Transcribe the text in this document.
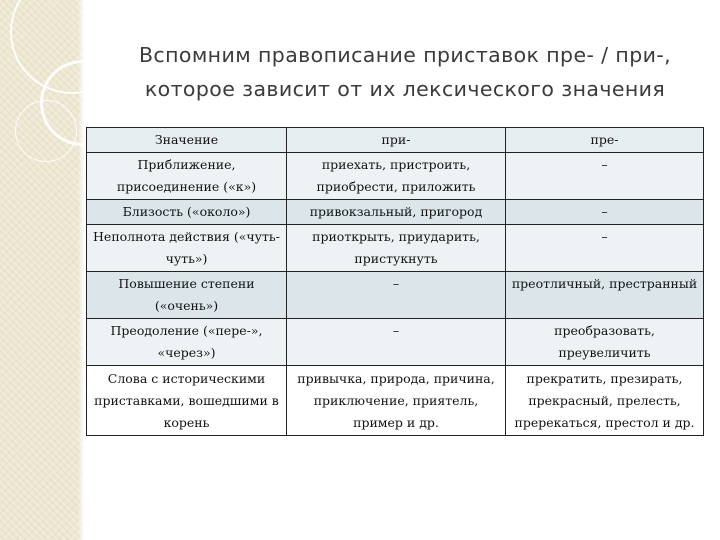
Вспомним правописание приставок пре- / при-,
которое зависит от их лексического значения
Значение	при-	пре-
Приближение, присоединение («к»)	приехать, пристроить, приобрести, приложить	–
Близость («около»)	привокзальный, пригород	–
Неполнота действия («чуть-чуть»)	приоткрыть, приударить, пристукнуть	–
Повышение степени («очень»)	–	преотличный, престранный
Преодоление («пере-», «через»)	–	преобразовать, преувеличить
Слова с историческими приставками, вошедшими в корень	привычка, природа, причина, приключение, приятель, пример и др.	прекратить, презирать, прекрасный, прелесть, пререкаться, престол и др.
